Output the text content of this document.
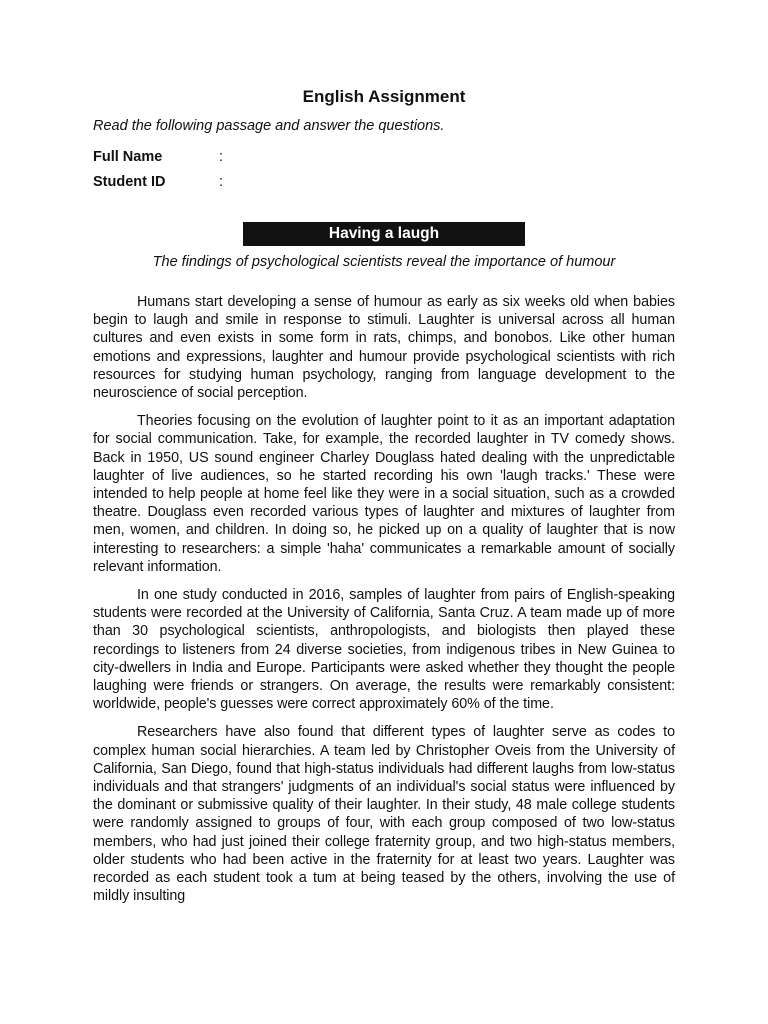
English Assignment

Read the following passage and answer the questions.

Full Name	:
Student ID	:
Having a laugh

The findings of psychological scientists reveal the importance of humour

Humans start developing a sense of humour as early as six weeks old when babies begin to laugh and smile in response to stimuli. Laughter is universal across all human cultures and even exists in some form in rats, chimps, and bonobos. Like other human emotions and expressions, laughter and humour provide psychological scientists with rich resources for studying human psychology, ranging from language development to the neuroscience of social perception.

Theories focusing on the evolution of laughter point to it as an important adaptation for social communication. Take, for example, the recorded laughter in TV comedy shows. Back in 1950, US sound engineer Charley Douglass hated dealing with the unpredictable laughter of live audiences, so he started recording his own 'laugh tracks.' These were intended to help people at home feel like they were in a social situation, such as a crowded theatre. Douglass even recorded various types of laughter and mixtures of laughter from men, women, and children. In doing so, he picked up on a quality of laughter that is now interesting to researchers: a simple 'haha' communicates a remarkable amount of socially relevant information.

In one study conducted in 2016, samples of laughter from pairs of English-speaking students were recorded at the University of California, Santa Cruz. A team made up of more than 30 psychological scientists, anthropologists, and biologists then played these recordings to listeners from 24 diverse societies, from indigenous tribes in New Guinea to city-dwellers in India and Europe. Participants were asked whether they thought the people laughing were friends or strangers. On average, the results were remarkably consistent: worldwide, people's guesses were correct approximately 60% of the time.

Researchers have also found that different types of laughter serve as codes to complex human social hierarchies. A team led by Christopher Oveis from the University of California, San Diego, found that high-status individuals had different laughs from low-status individuals and that strangers' judgments of an individual's social status were influenced by the dominant or submissive quality of their laughter. In their study, 48 male college students were randomly assigned to groups of four, with each group composed of two low-status members, who had just joined their college fraternity group, and two high-status members, older students who had been active in the fraternity for at least two years. Laughter was recorded as each student took a tum at being teased by the others, involving the use of mildly insulting
